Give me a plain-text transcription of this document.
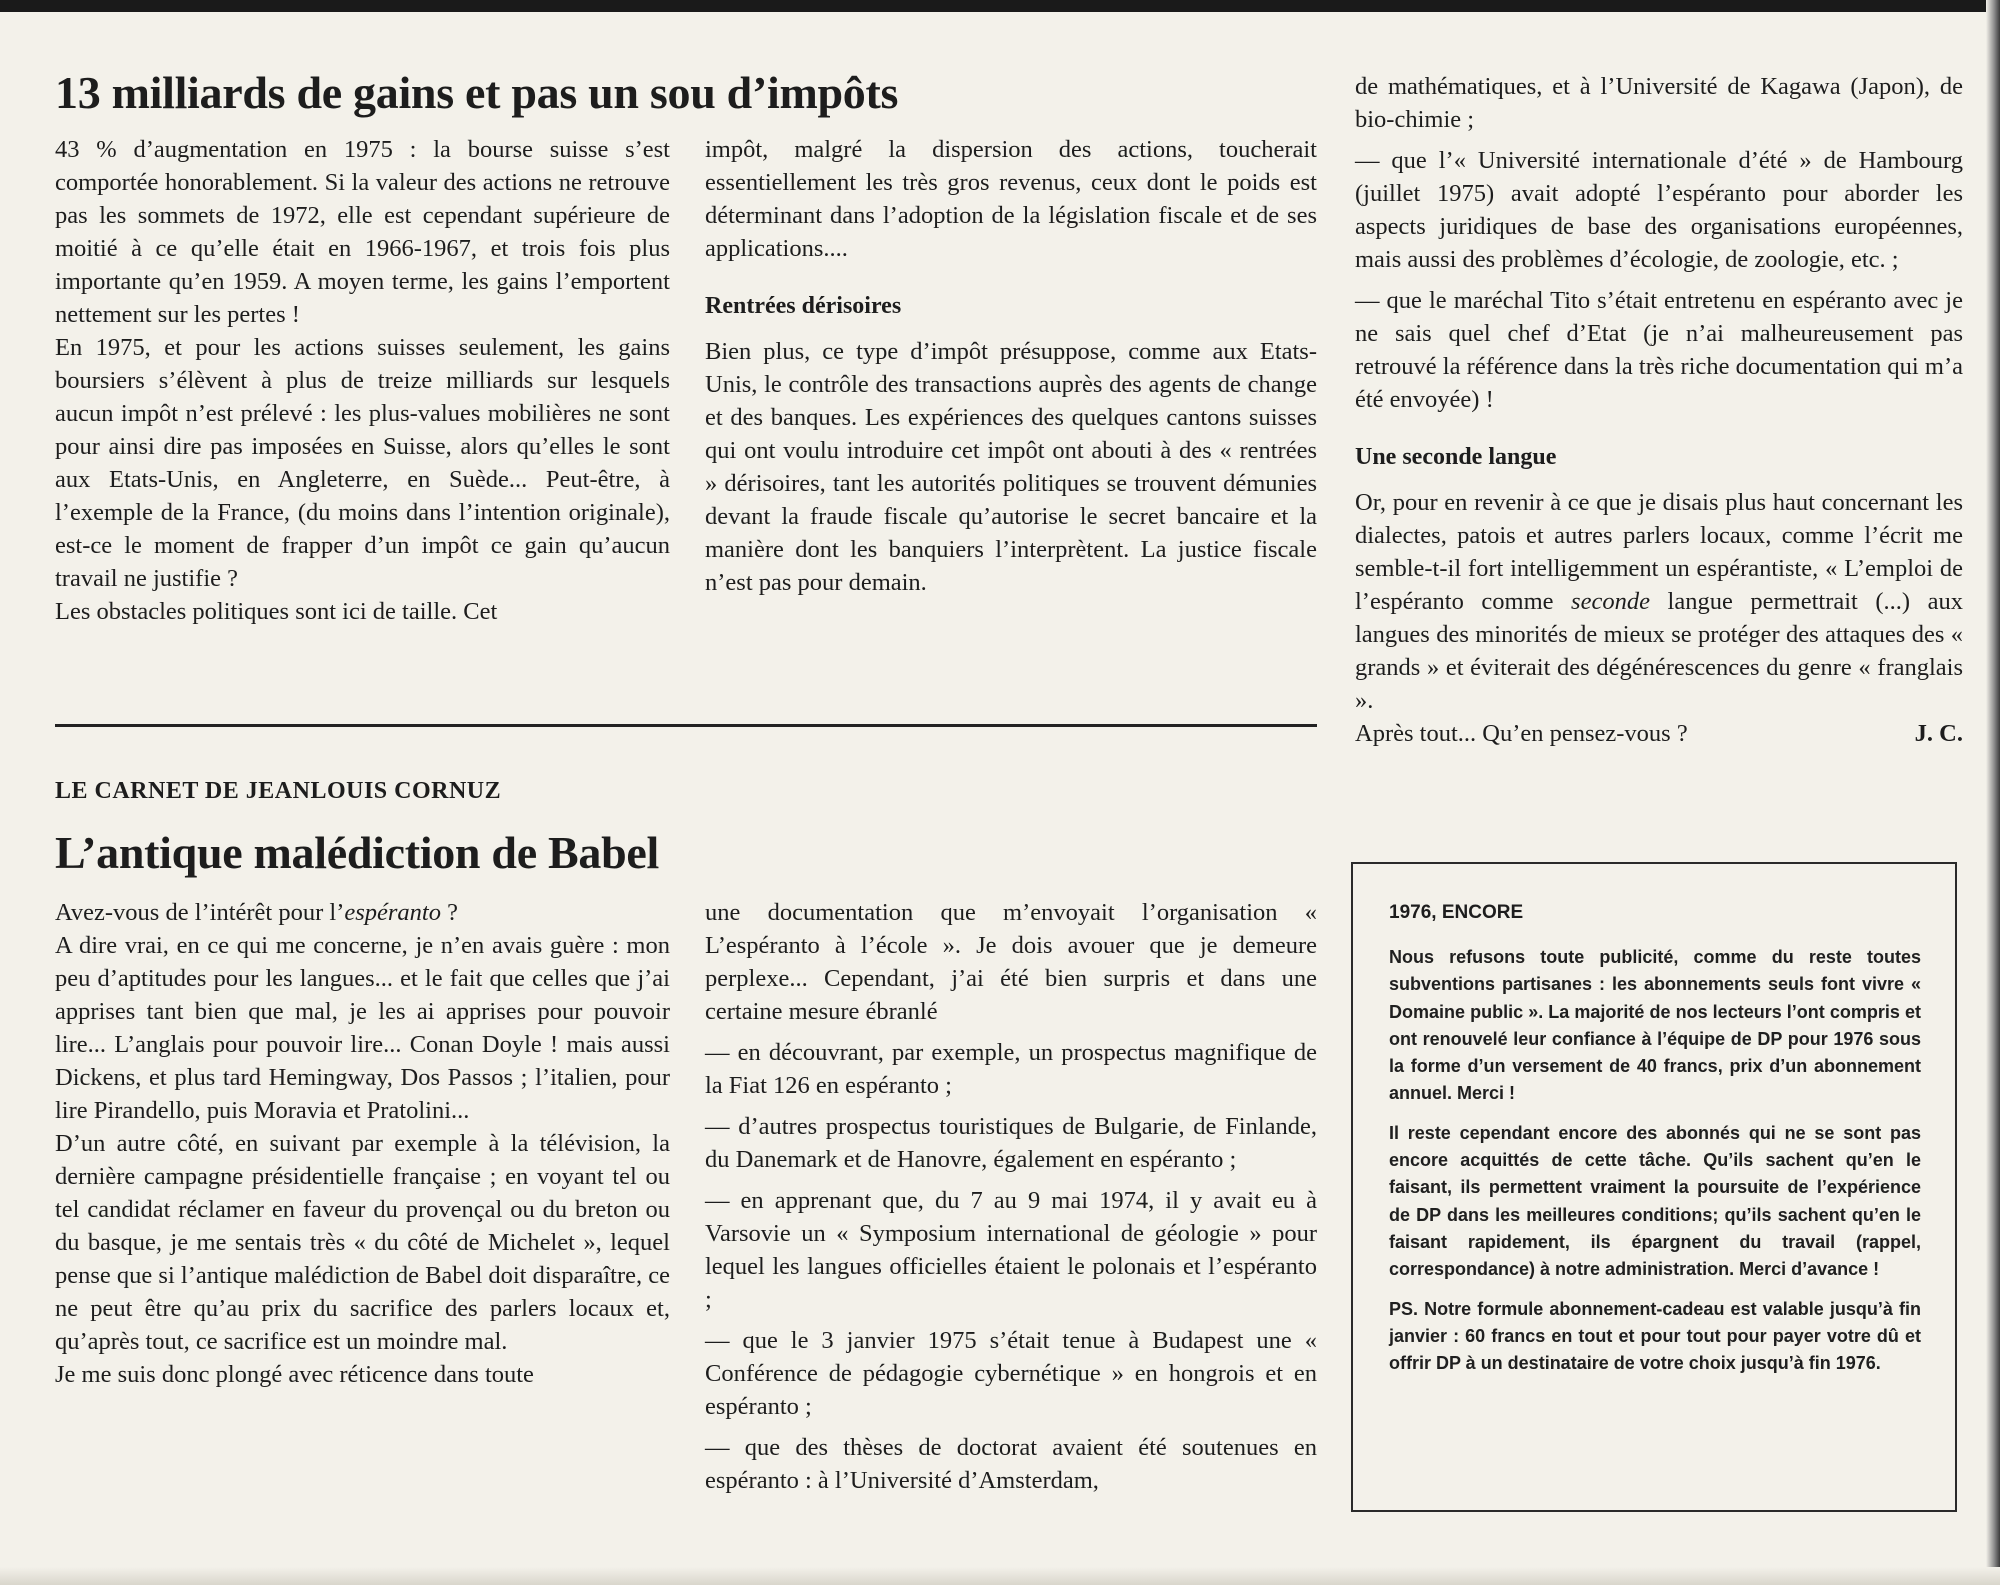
13 milliards de gains et pas un sou d’impôts

43 % d’augmentation en 1975 : la bourse suisse s’est comportée honorablement. Si la valeur des actions ne retrouve pas les sommets de 1972, elle est cependant supérieure de moitié à ce qu’elle était en 1966-1967, et trois fois plus importante qu’en 1959. A moyen terme, les gains l’emportent nettement sur les pertes !

En 1975, et pour les actions suisses seulement, les gains boursiers s’élèvent à plus de treize milliards sur lesquels aucun impôt n’est prélevé : les plus-values mobilières ne sont pour ainsi dire pas imposées en Suisse, alors qu’elles le sont aux Etats-Unis, en Angleterre, en Suède... Peut-être, à l’exemple de la France, (du moins dans l’intention originale), est-ce le moment de frapper d’un impôt ce gain qu’aucun travail ne justifie ?

Les obstacles politiques sont ici de taille. Cet

impôt, malgré la dispersion des actions, toucherait essentiellement les très gros revenus, ceux dont le poids est déterminant dans l’adoption de la législation fiscale et de ses applications....

Rentrées dérisoires

Bien plus, ce type d’impôt présuppose, comme aux Etats-Unis, le contrôle des transactions auprès des agents de change et des banques. Les expériences des quelques cantons suisses qui ont voulu introduire cet impôt ont abouti à des « rentrées » dérisoires, tant les autorités politiques se trouvent démunies devant la fraude fiscale qu’autorise le secret bancaire et la manière dont les banquiers l’interprètent. La justice fiscale n’est pas pour demain.

LE CARNET DE JEANLOUIS CORNUZ
L’antique malédiction de Babel

Avez-vous de l’intérêt pour l’espéranto ?

A dire vrai, en ce qui me concerne, je n’en avais guère : mon peu d’aptitudes pour les langues... et le fait que celles que j’ai apprises tant bien que mal, je les ai apprises pour pouvoir lire... L’anglais pour pouvoir lire... Conan Doyle ! mais aussi Dickens, et plus tard Hemingway, Dos Passos ; l’italien, pour lire Pirandello, puis Moravia et Pratolini...

D’un autre côté, en suivant par exemple à la télévision, la dernière campagne présidentielle française ; en voyant tel ou tel candidat réclamer en faveur du provençal ou du breton ou du basque, je me sentais très « du côté de Michelet », lequel pense que si l’antique malédiction de Babel doit disparaître, ce ne peut être qu’au prix du sacrifice des parlers locaux et, qu’après tout, ce sacrifice est un moindre mal.

Je me suis donc plongé avec réticence dans toute

une documentation que m’envoyait l’organisation « L’espéranto à l’école ». Je dois avouer que je demeure perplexe... Cependant, j’ai été bien surpris et dans une certaine mesure ébranlé

— en découvrant, par exemple, un prospectus magnifique de la Fiat 126 en espéranto ;

— d’autres prospectus touristiques de Bulgarie, de Finlande, du Danemark et de Hanovre, également en espéranto ;

— en apprenant que, du 7 au 9 mai 1974, il y avait eu à Varsovie un « Symposium international de géologie » pour lequel les langues officielles étaient le polonais et l’espéranto ;

— que le 3 janvier 1975 s’était tenue à Budapest une « Conférence de pédagogie cybernétique » en hongrois et en espéranto ;

— que des thèses de doctorat avaient été soutenues en espéranto : à l’Université d’Amsterdam,

de mathématiques, et à l’Université de Kagawa (Japon), de bio-chimie ;

— que l’« Université internationale d’été » de Hambourg (juillet 1975) avait adopté l’espéranto pour aborder les aspects juridiques de base des organisations européennes, mais aussi des problèmes d’écologie, de zoologie, etc. ;

— que le maréchal Tito s’était entretenu en espéranto avec je ne sais quel chef d’Etat (je n’ai malheureusement pas retrouvé la référence dans la très riche documentation qui m’a été envoyée) !

Une seconde langue

Or, pour en revenir à ce que je disais plus haut concernant les dialectes, patois et autres parlers locaux, comme l’écrit me semble-t-il fort intelligemment un espérantiste, « L’emploi de l’espéranto comme seconde langue permettrait (...) aux langues des minorités de mieux se protéger des attaques des « grands » et éviterait des dégénérescences du genre « franglais ».

Après tout... Qu’en pensez-vous ?	J. C.
1976, ENCORE

Nous refusons toute publicité, comme du reste toutes subventions partisanes : les abonnements seuls font vivre « Domaine public ». La majorité de nos lecteurs l’ont compris et ont renouvelé leur confiance à l’équipe de DP pour 1976 sous la forme d’un versement de 40 francs, prix d’un abonnement annuel. Merci !

Il reste cependant encore des abonnés qui ne se sont pas encore acquittés de cette tâche. Qu’ils sachent qu’en le faisant, ils permettent vraiment la poursuite de l’expérience de DP dans les meilleures conditions; qu’ils sachent qu’en le faisant rapidement, ils épargnent du travail (rappel, correspondance) à notre administration. Merci d’avance !

PS. Notre formule abonnement-cadeau est valable jusqu’à fin janvier : 60 francs en tout et pour tout pour payer votre dû et offrir DP à un destinataire de votre choix jusqu’à fin 1976.
